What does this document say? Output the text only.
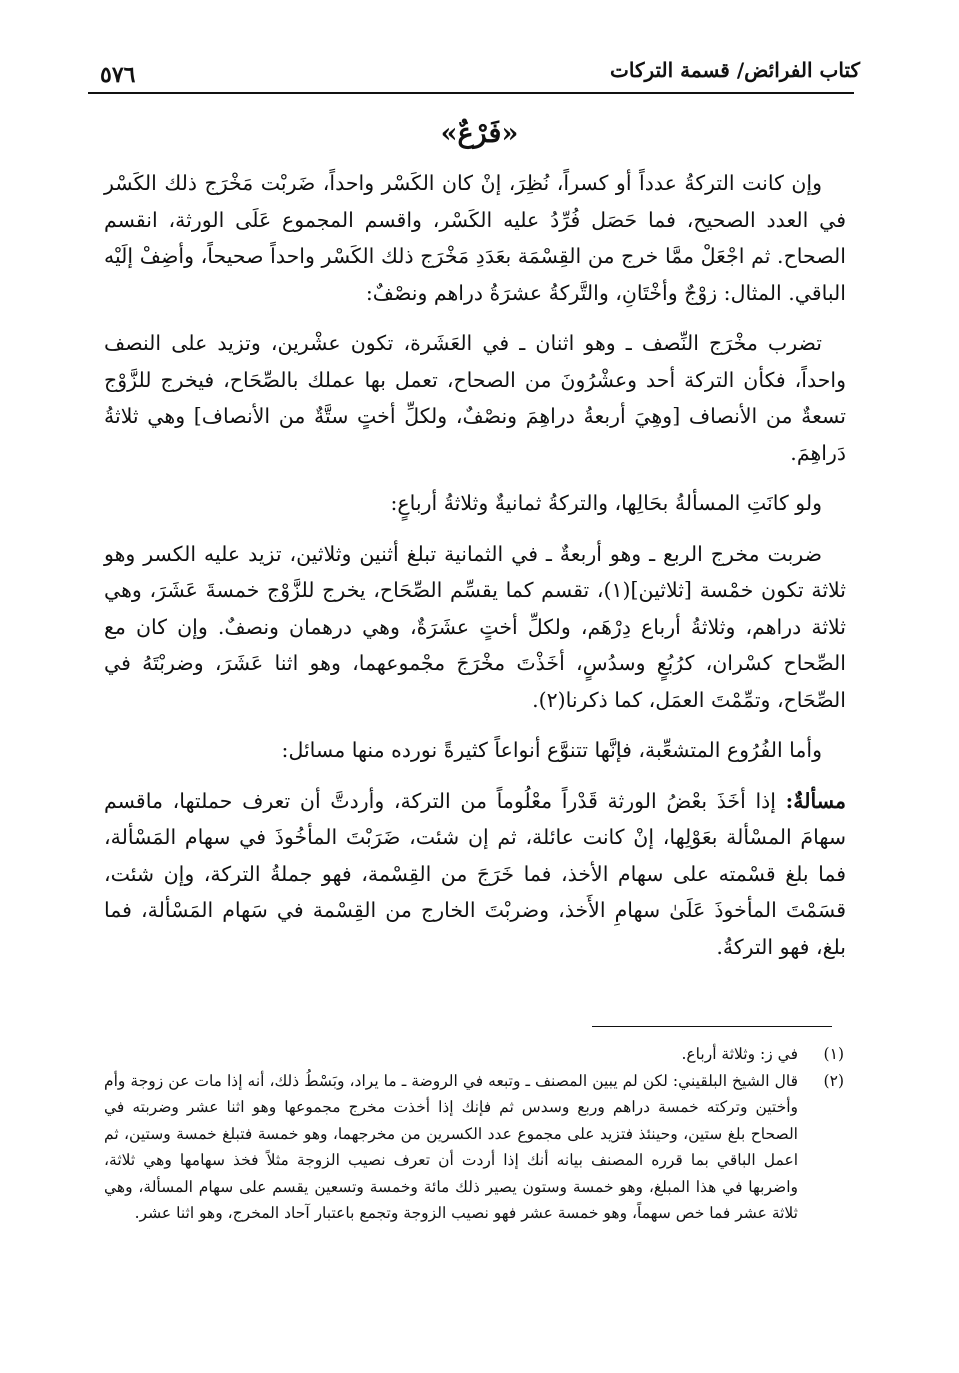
كتاب الفرائض/ قسمة التركات
٥٧٦
«فَرْعٌ»

وإن كانت التركةُ عدداً أو كسراً، نُظِرَ، إنْ كان الكَسْر واحداً، ضَربْت مَخْرَج ذلك الكَسْر في العدد الصحيح، فما حَصَل فُرِّدُ عليه الكَسْر، واقسم المجموع عَلَى الورثة، انقسم الصحاح. ثم اجْعَلْ ممَّا خرج من القِسْمَة بعَدَدِ مَخْرَج ذلك الكَسْر واحداً صحيحاً، وأضِفْ إلَيْه الباقي. المثال: زوْجٌ وأخْتَانِ، والتَّركةُ عشرَةُ دراهم ونصْفٌ:

تضرب مخْرَج النِّصف ـ وهو اثنان ـ في العَشَرة، تكون عشْرين، وتزيد على النصف واحداً، فكأن التركة أحد وعشْرُونَ من الصحاح، تعمل بها عملك بالصِّحَاح، فيخرج للزَّوْج تسعةٌ من الأنصاف [وهِيَ أربعةُ دراهِمَ ونصْفٌ، ولكلِّ أختٍ ستَّةٌ من الأنصاف] وهي ثلاثةُ دَراهِمَ.

ولو كانَتِ المسألةُ بحَالِها، والتركةُ ثمانيةٌ وثلاثةُ أرباعٍ:

ضربت مخرج الربع ـ وهو أربعةٌ ـ في الثمانية تبلغ أثنين وثلاثين، تزيد عليه الكسر وهو ثلاثة تكون خمْسة [ثلاثين](١)، تقسم كما يقسِّم الصِّحَاح، يخرج للزَّوْج خمسةَ عَشَرَ، وهي ثلاثة دراهم، وثلاثةُ أرباع دِرْهَم، ولكلِّ أختٍ عشَرَةٌ، وهي درهمان ونصفٌ. وإن كان مع الصِّحاح كسْران، كرُبُعٍ وسدُسٍ، أخَذْتَ مخْرَجَ مجْموعهما، وهو اثنا عَشَرَ، وضربْتَهُ في الصِّحَاح، وتمِّمْتَ العمَل، كما ذكرنا(٢).

وأما الفُرُوع المتشعِّبة، فإنَّها تتنوَّع أنواعاً كثيرةً نورده منها مسائل:

مسألةٌ: إذا أخَذَ بعْضُ الورثة قَدْراً معْلُوماً من التركة، وأردتَّ أن تعرف حملتها، ماقسم سهامَ المسْألة بعَوْلِها، إنْ كانت عائلة، ثم إن شئت، ضَرَبْتَ المأخُوذَ في سهام المَسْألة، فما بلغ قسْمته على سهام الأخذ، فما خَرَجَ من القِسْمة، فهو جملةُ التركة، وإن شئت، قسَمْتَ المأخوذَ عَلَىٰ سهامِ الأَخذ، وضربْتَ الخارج من القِسْمة في سَهام المَسْألة، فما بلغ، فهو التركةُ.

(١)
في ز: وثلاثة أرباع.
(٢)
قال الشيخ البلقيني: لكن لم يبين المصنف ـ وتبعه في الروضة ـ ما يراد، وبَسْطُ ذلك، أنه إذا مات عن زوجة وأم وأختين وتركته خمسة دراهم وربع وسدس ثم فإنك إذا أخذت مخرج مجموعها وهو اثنا عشر وضربته في الصحاح بلغ ستين، وحينئذ فتزيد على مجموع عدد الكسرين من مخرجهما، وهو خمسة فتبلغ خمسة وستين، ثم اعمل الباقي بما قرره المصنف بيانه أنك إذا أردت أن تعرف نصيب الزوجة مثلاً فخذ سهامها وهي ثلاثة، واضربها في هذا المبلغ، وهو خمسة وستون يصير ذلك مائة وخمسة وتسعين يقسم على سهام المسألة، وهي ثلاثة عشر فما خص سهماً، وهو خمسة عشر فهو نصيب الزوجة وتجمع باعتبار آحاد المخرج، وهو اثنا عشر.
